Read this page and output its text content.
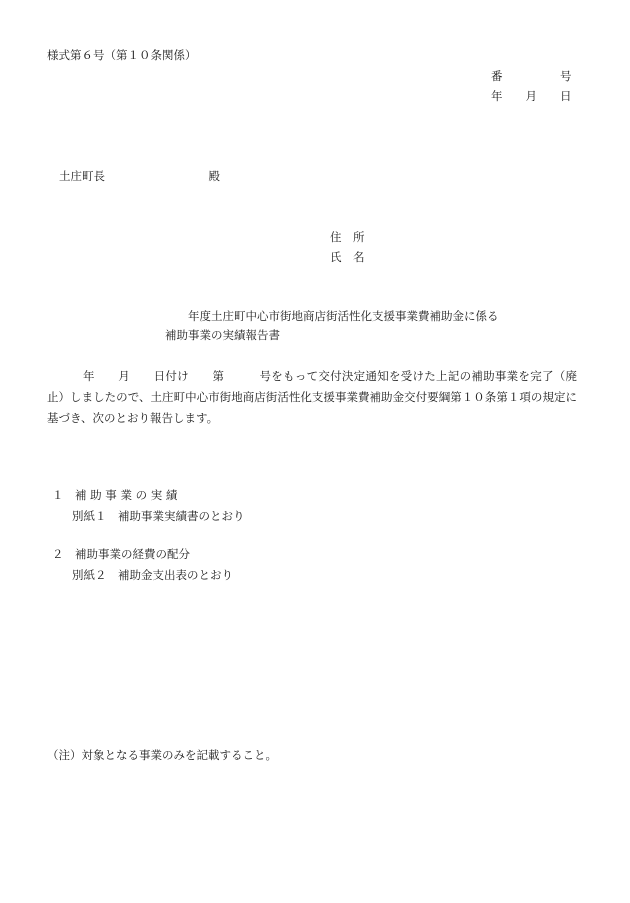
様式第６号（第１０条関係）
番　　　　　号
年　　月　　日
土庄町長　　　　　　　　　殿
住　所
氏　名
年度土庄町中心市街地商店街活性化支援事業費補助金に係る
補助事業の実績報告書
年　　月　　日付け　　第　　　号をもって交付決定通知を受けた上記の補助事業を完了（廃止）しましたので、土庄町中心市街地商店街活性化支援事業費補助金交付要綱第１０条第１項の規定に基づき、次のとおり報告します。
１　補 助 事 業 の 実 績
別紙１　補助事業実績書のとおり
２　補助事業の経費の配分
別紙２　補助金支出表のとおり
（注）対象となる事業のみを記載すること。
